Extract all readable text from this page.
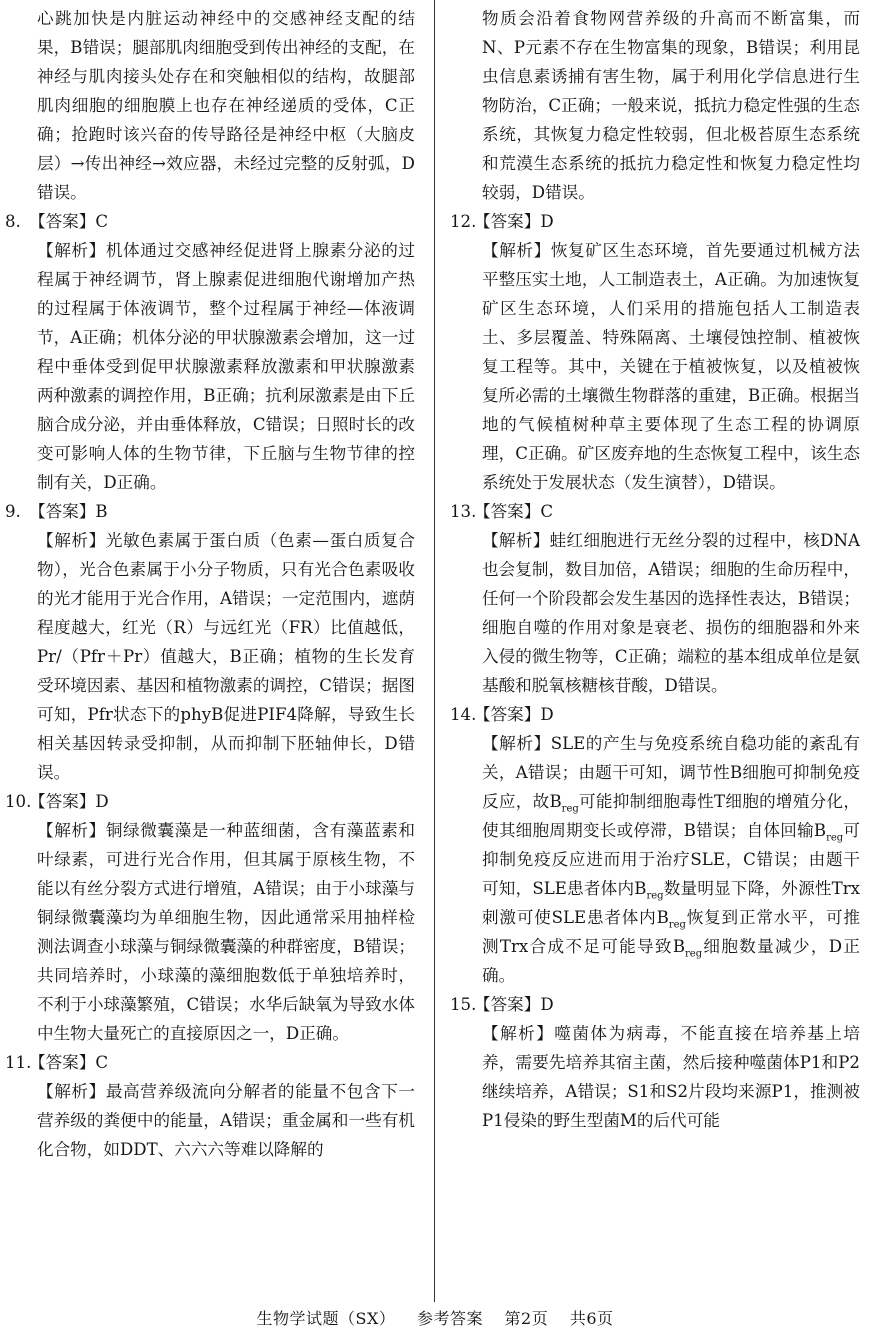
心跳加快是内脏运动神经中的交感神经支配的结果，B错误；腿部肌肉细胞受到传出神经的支配，在神经与肌肉接头处存在和突触相似的结构，故腿部肌肉细胞的细胞膜上也存在神经递质的受体，C正确；抢跑时该兴奋的传导路径是神经中枢（大脑皮层）→传出神经→效应器，未经过完整的反射弧，D错误。
8. 【答案】C
【解析】机体通过交感神经促进肾上腺素分泌的过程属于神经调节，肾上腺素促进细胞代谢增加产热的过程属于体液调节，整个过程属于神经—体液调节，A正确；机体分泌的甲状腺激素会增加，这一过程中垂体受到促甲状腺激素释放激素和甲状腺激素两种激素的调控作用，B正确；抗利尿激素是由下丘脑合成分泌，并由垂体释放，C错误；日照时长的改变可影响人体的生物节律，下丘脑与生物节律的控制有关，D正确。
9. 【答案】B
【解析】光敏色素属于蛋白质（色素—蛋白质复合物），光合色素属于小分子物质，只有光合色素吸收的光才能用于光合作用，A错误；一定范围内，遮荫程度越大，红光（R）与远红光（FR）比值越低，Pr/（Pfr＋Pr）值越大，B正确；植物的生长发育受环境因素、基因和植物激素的调控，C错误；据图可知，Pfr状态下的phyB促进PIF4降解，导致生长相关基因转录受抑制，从而抑制下胚轴伸长，D错误。
10.【答案】D
【解析】铜绿微囊藻是一种蓝细菌，含有藻蓝素和叶绿素，可进行光合作用，但其属于原核生物，不能以有丝分裂方式进行增殖，A错误；由于小球藻与铜绿微囊藻均为单细胞生物，因此通常采用抽样检测法调查小球藻与铜绿微囊藻的种群密度，B错误；共同培养时，小球藻的藻细胞数低于单独培养时，不利于小球藻繁殖，C错误；水华后缺氧为导致水体中生物大量死亡的直接原因之一，D正确。
11.【答案】C
【解析】最高营养级流向分解者的能量不包含下一营养级的粪便中的能量，A错误；重金属和一些有机化合物，如DDT、六六六等难以降解的
物质会沿着食物网营养级的升高而不断富集，而N、P元素不存在生物富集的现象，B错误；利用昆虫信息素诱捕有害生物，属于利用化学信息进行生物防治，C正确；一般来说，抵抗力稳定性强的生态系统，其恢复力稳定性较弱，但北极苔原生态系统和荒漠生态系统的抵抗力稳定性和恢复力稳定性均较弱，D错误。
12.【答案】D
【解析】恢复矿区生态环境，首先要通过机械方法平整压实土地，人工制造表土，A正确。为加速恢复矿区生态环境，人们采用的措施包括人工制造表土、多层覆盖、特殊隔离、土壤侵蚀控制、植被恢复工程等。其中，关键在于植被恢复，以及植被恢复所必需的土壤微生物群落的重建，B正确。根据当地的气候植树种草主要体现了生态工程的协调原理，C正确。矿区废弃地的生态恢复工程中，该生态系统处于发展状态（发生演替），D错误。
13.【答案】C
【解析】蛙红细胞进行无丝分裂的过程中，核DNA也会复制，数目加倍，A错误；细胞的生命历程中，任何一个阶段都会发生基因的选择性表达，B错误；细胞自噬的作用对象是衰老、损伤的细胞器和外来入侵的微生物等，C正确；端粒的基本组成单位是氨基酸和脱氧核糖核苷酸，D错误。
14.【答案】D
【解析】SLE的产生与免疫系统自稳功能的紊乱有关，A错误；由题干可知，调节性B细胞可抑制免疫反应，故$B_{reg}$可能抑制细胞毒性T细胞的增殖分化，使其细胞周期变长或停滞，B错误；自体回输$B_{reg}$可抑制免疫反应进而用于治疗SLE，C错误；由题干可知，SLE患者体内$B_{reg}$数量明显下降，外源性Trx刺激可使SLE患者体内$B_{reg}$恢复到正常水平，可推测Trx合成不足可能导致$B_{reg}$细胞数量减少，D正确。
15.【答案】D
【解析】噬菌体为病毒，不能直接在培养基上培养，需要先培养其宿主菌，然后接种噬菌体P1和P2继续培养，A错误；S1和S2片段均来源P1，推测被P1侵染的野生型菌M的后代可能
生物学试题（SX） 参考答案 第2页 共6页
